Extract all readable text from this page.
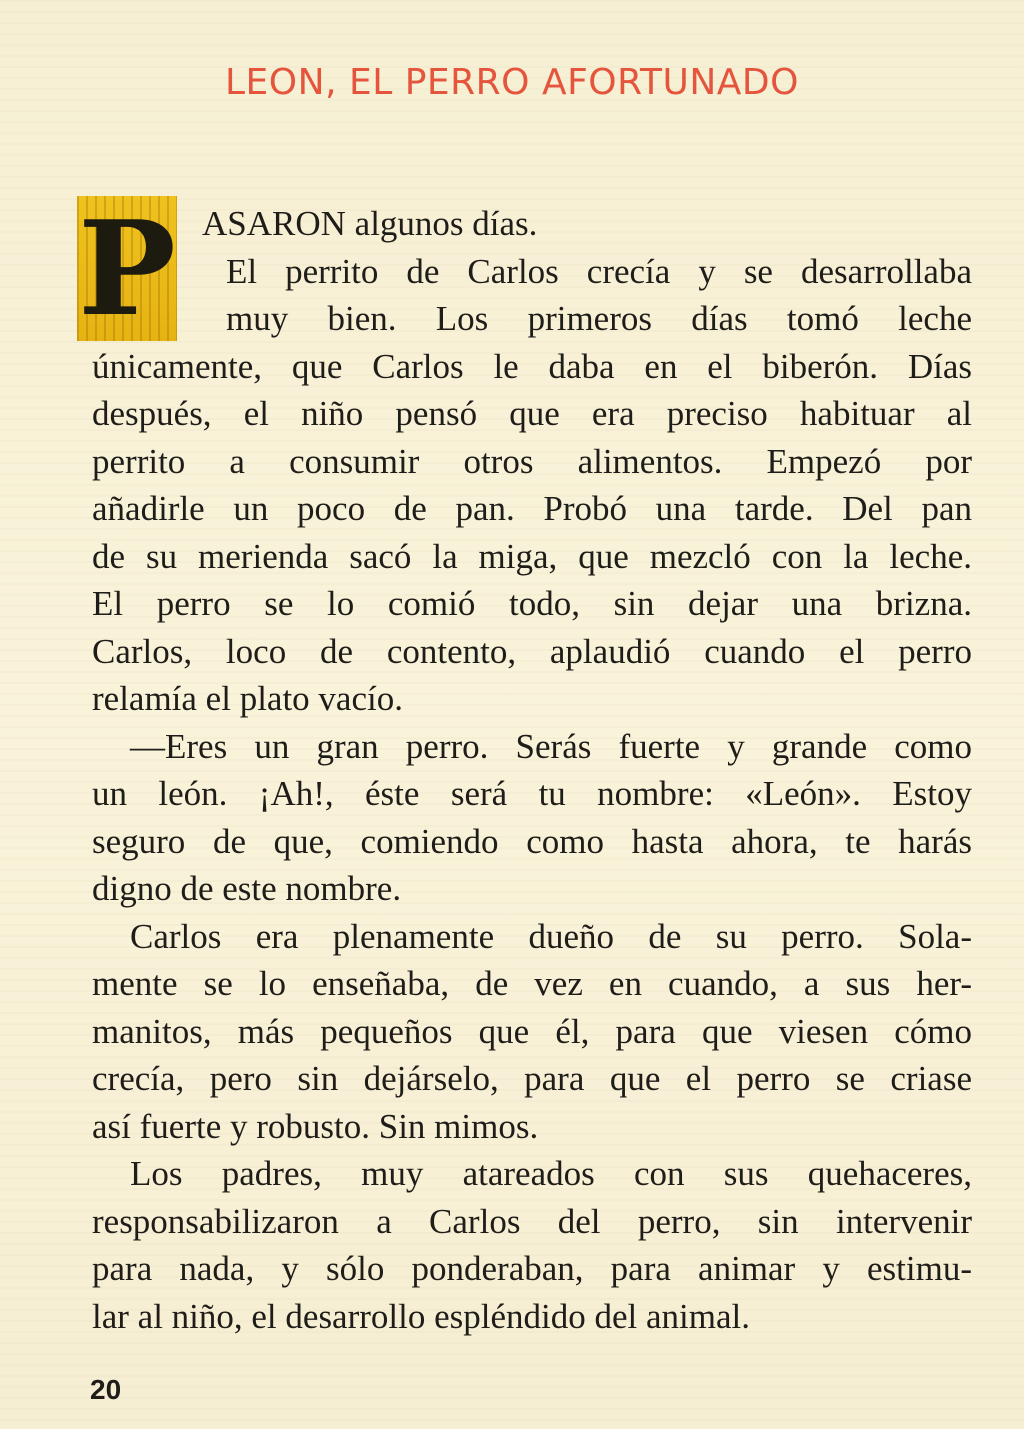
LEON, EL PERRO AFORTUNADO
P ASARON algunos días.
El perrito de Carlos crecía y se desarrollaba
muy bien. Los primeros días tomó leche
únicamente, que Carlos le daba en el biberón. Días
después, el niño pensó que era preciso habituar al
perrito a consumir otros alimentos. Empezó por
añadirle un poco de pan. Probó una tarde. Del pan
de su merienda sacó la miga, que mezcló con la leche.
El perro se lo comió todo, sin dejar una brizna.
Carlos, loco de contento, aplaudió cuando el perro
relamía el plato vacío.
—Eres un gran perro. Serás fuerte y grande como
un león. ¡Ah!, éste será tu nombre: «León». Estoy
seguro de que, comiendo como hasta ahora, te harás
digno de este nombre.
Carlos era plenamente dueño de su perro. Sola-
mente se lo enseñaba, de vez en cuando, a sus her-
manitos, más pequeños que él, para que viesen cómo
crecía, pero sin dejárselo, para que el perro se criase
así fuerte y robusto. Sin mimos.
Los padres, muy atareados con sus quehaceres,
responsabilizaron a Carlos del perro, sin intervenir
para nada, y sólo ponderaban, para animar y estimu-
lar al niño, el desarrollo espléndido del animal.
20
